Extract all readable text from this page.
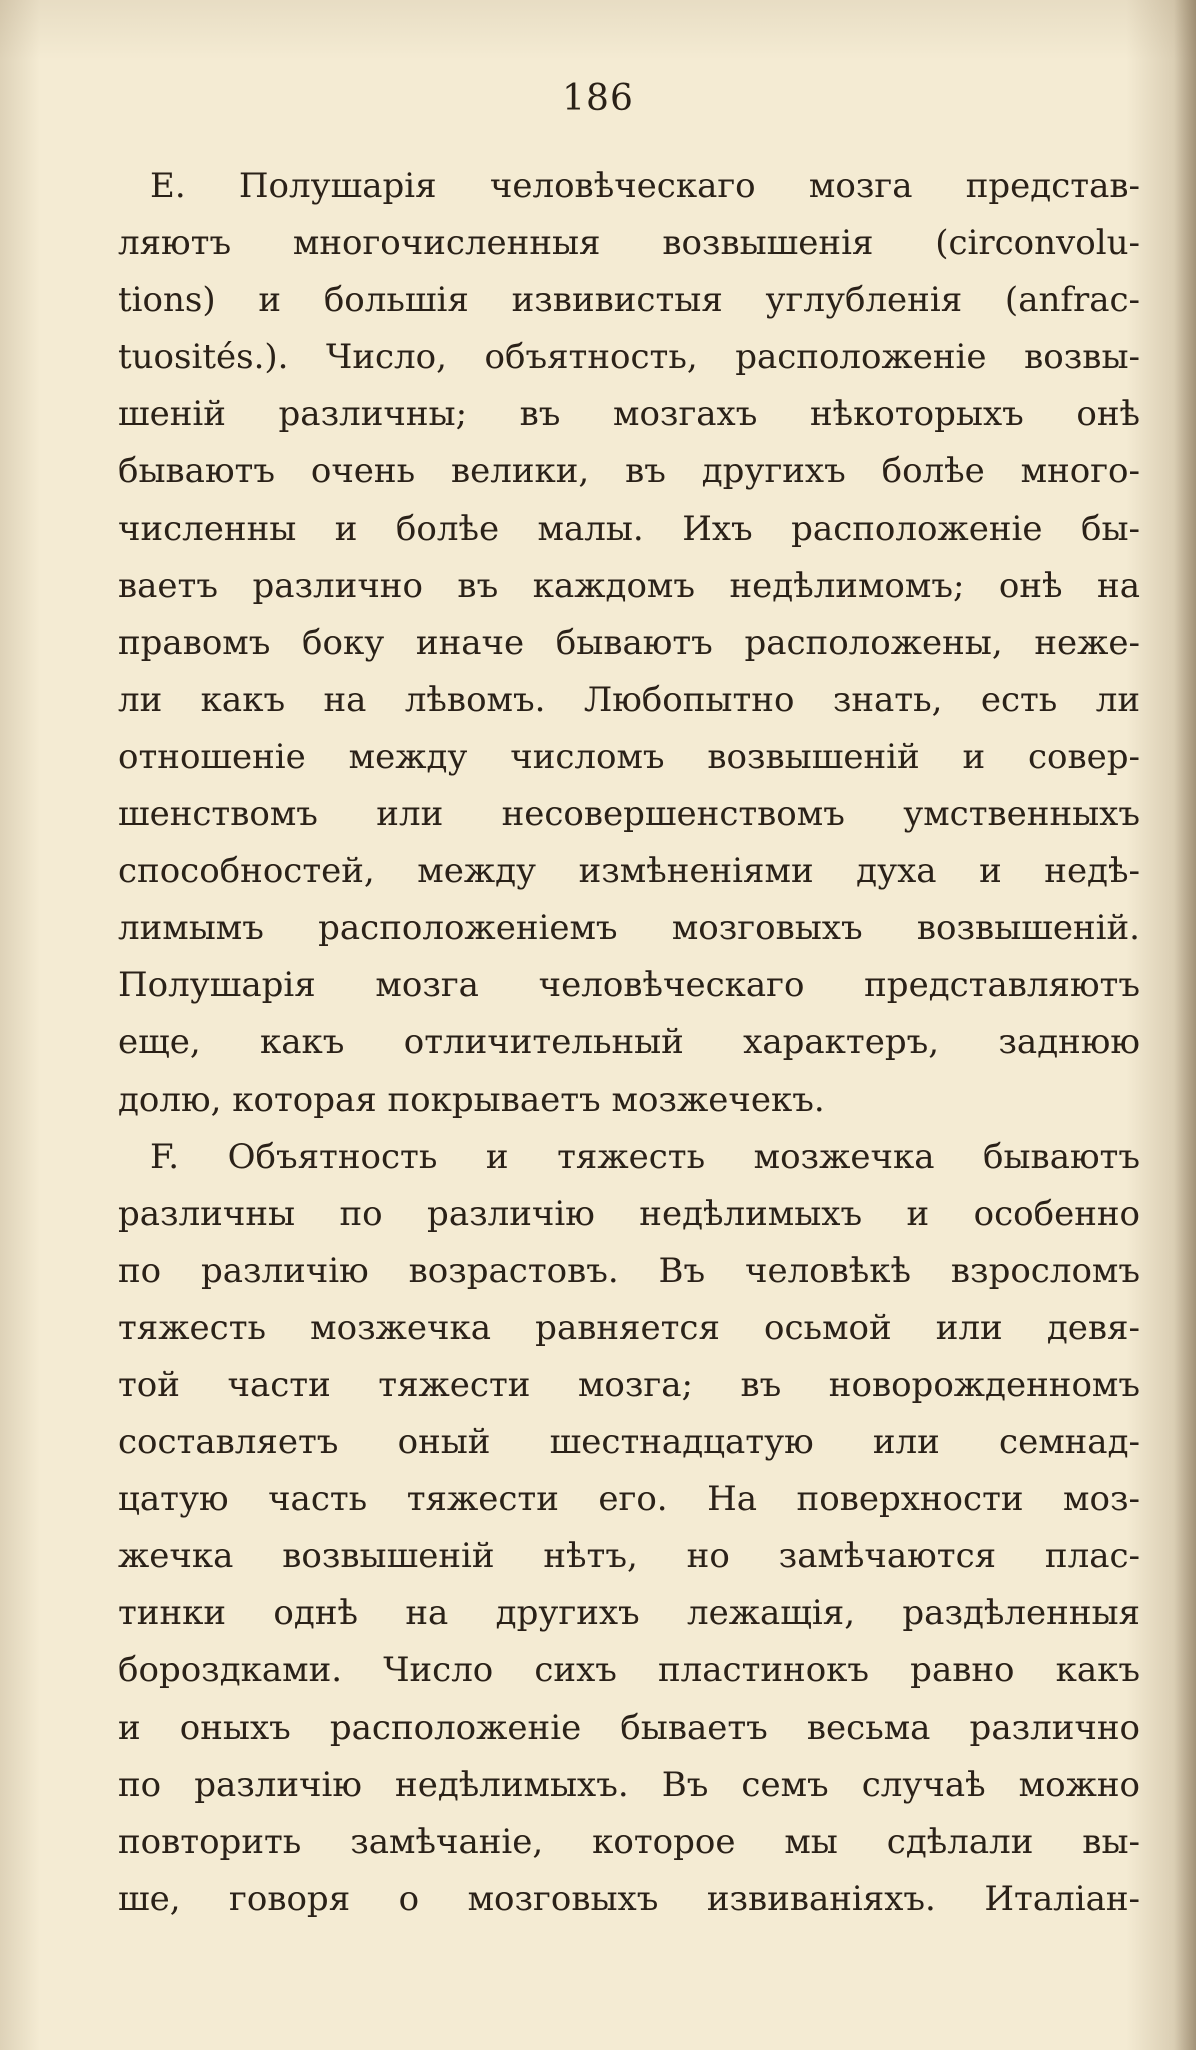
186
E. Полушарія человѣческаго мозга представ-
ляютъ многочисленныя возвышенія (circonvolu-
tions) и большія извивистыя углубленія (anfrac-
tuosités.). Число, объятность, расположеніе возвы-
шеній различны; въ мозгахъ нѣкоторыхъ онѣ
бываютъ очень велики, въ другихъ болѣе много-
численны и болѣе малы. Ихъ расположеніе бы-
ваетъ различно въ каждомъ недѣлимомъ; онѣ на
правомъ боку иначе бываютъ расположены, неже-
ли какъ на лѣвомъ. Любопытно знать, есть ли
отношеніе между числомъ возвышеній и совер-
шенствомъ или несовершенствомъ умственныхъ
способностей, между измѣненіями духа и недѣ-
лимымъ расположеніемъ мозговыхъ возвышеній.
Полушарія мозга человѣческаго представляютъ
еще, какъ отличительный характеръ, заднюю
долю, которая покрываетъ мозжечекъ.
F. Объятность и тяжесть мозжечка бываютъ
различны по различію недѣлимыхъ и особенно
по различію возрастовъ. Въ человѣкѣ взросломъ
тяжесть мозжечка равняется осьмой или девя-
той части тяжести мозга; въ новорожденномъ
составляетъ оный шестнадцатую или семнад-
цатую часть тяжести его. На поверхности моз-
жечка возвышеній нѣтъ, но замѣчаются плас-
тинки однѣ на другихъ лежащія, раздѣленныя
бороздками. Число сихъ пластинокъ равно какъ
и оныхъ расположеніе бываетъ весьма различно
по различію недѣлимыхъ. Въ семъ случаѣ можно
повторить замѣчаніе, которое мы сдѣлали вы-
ше, говоря о мозговыхъ извиваніяхъ. Италіан-
